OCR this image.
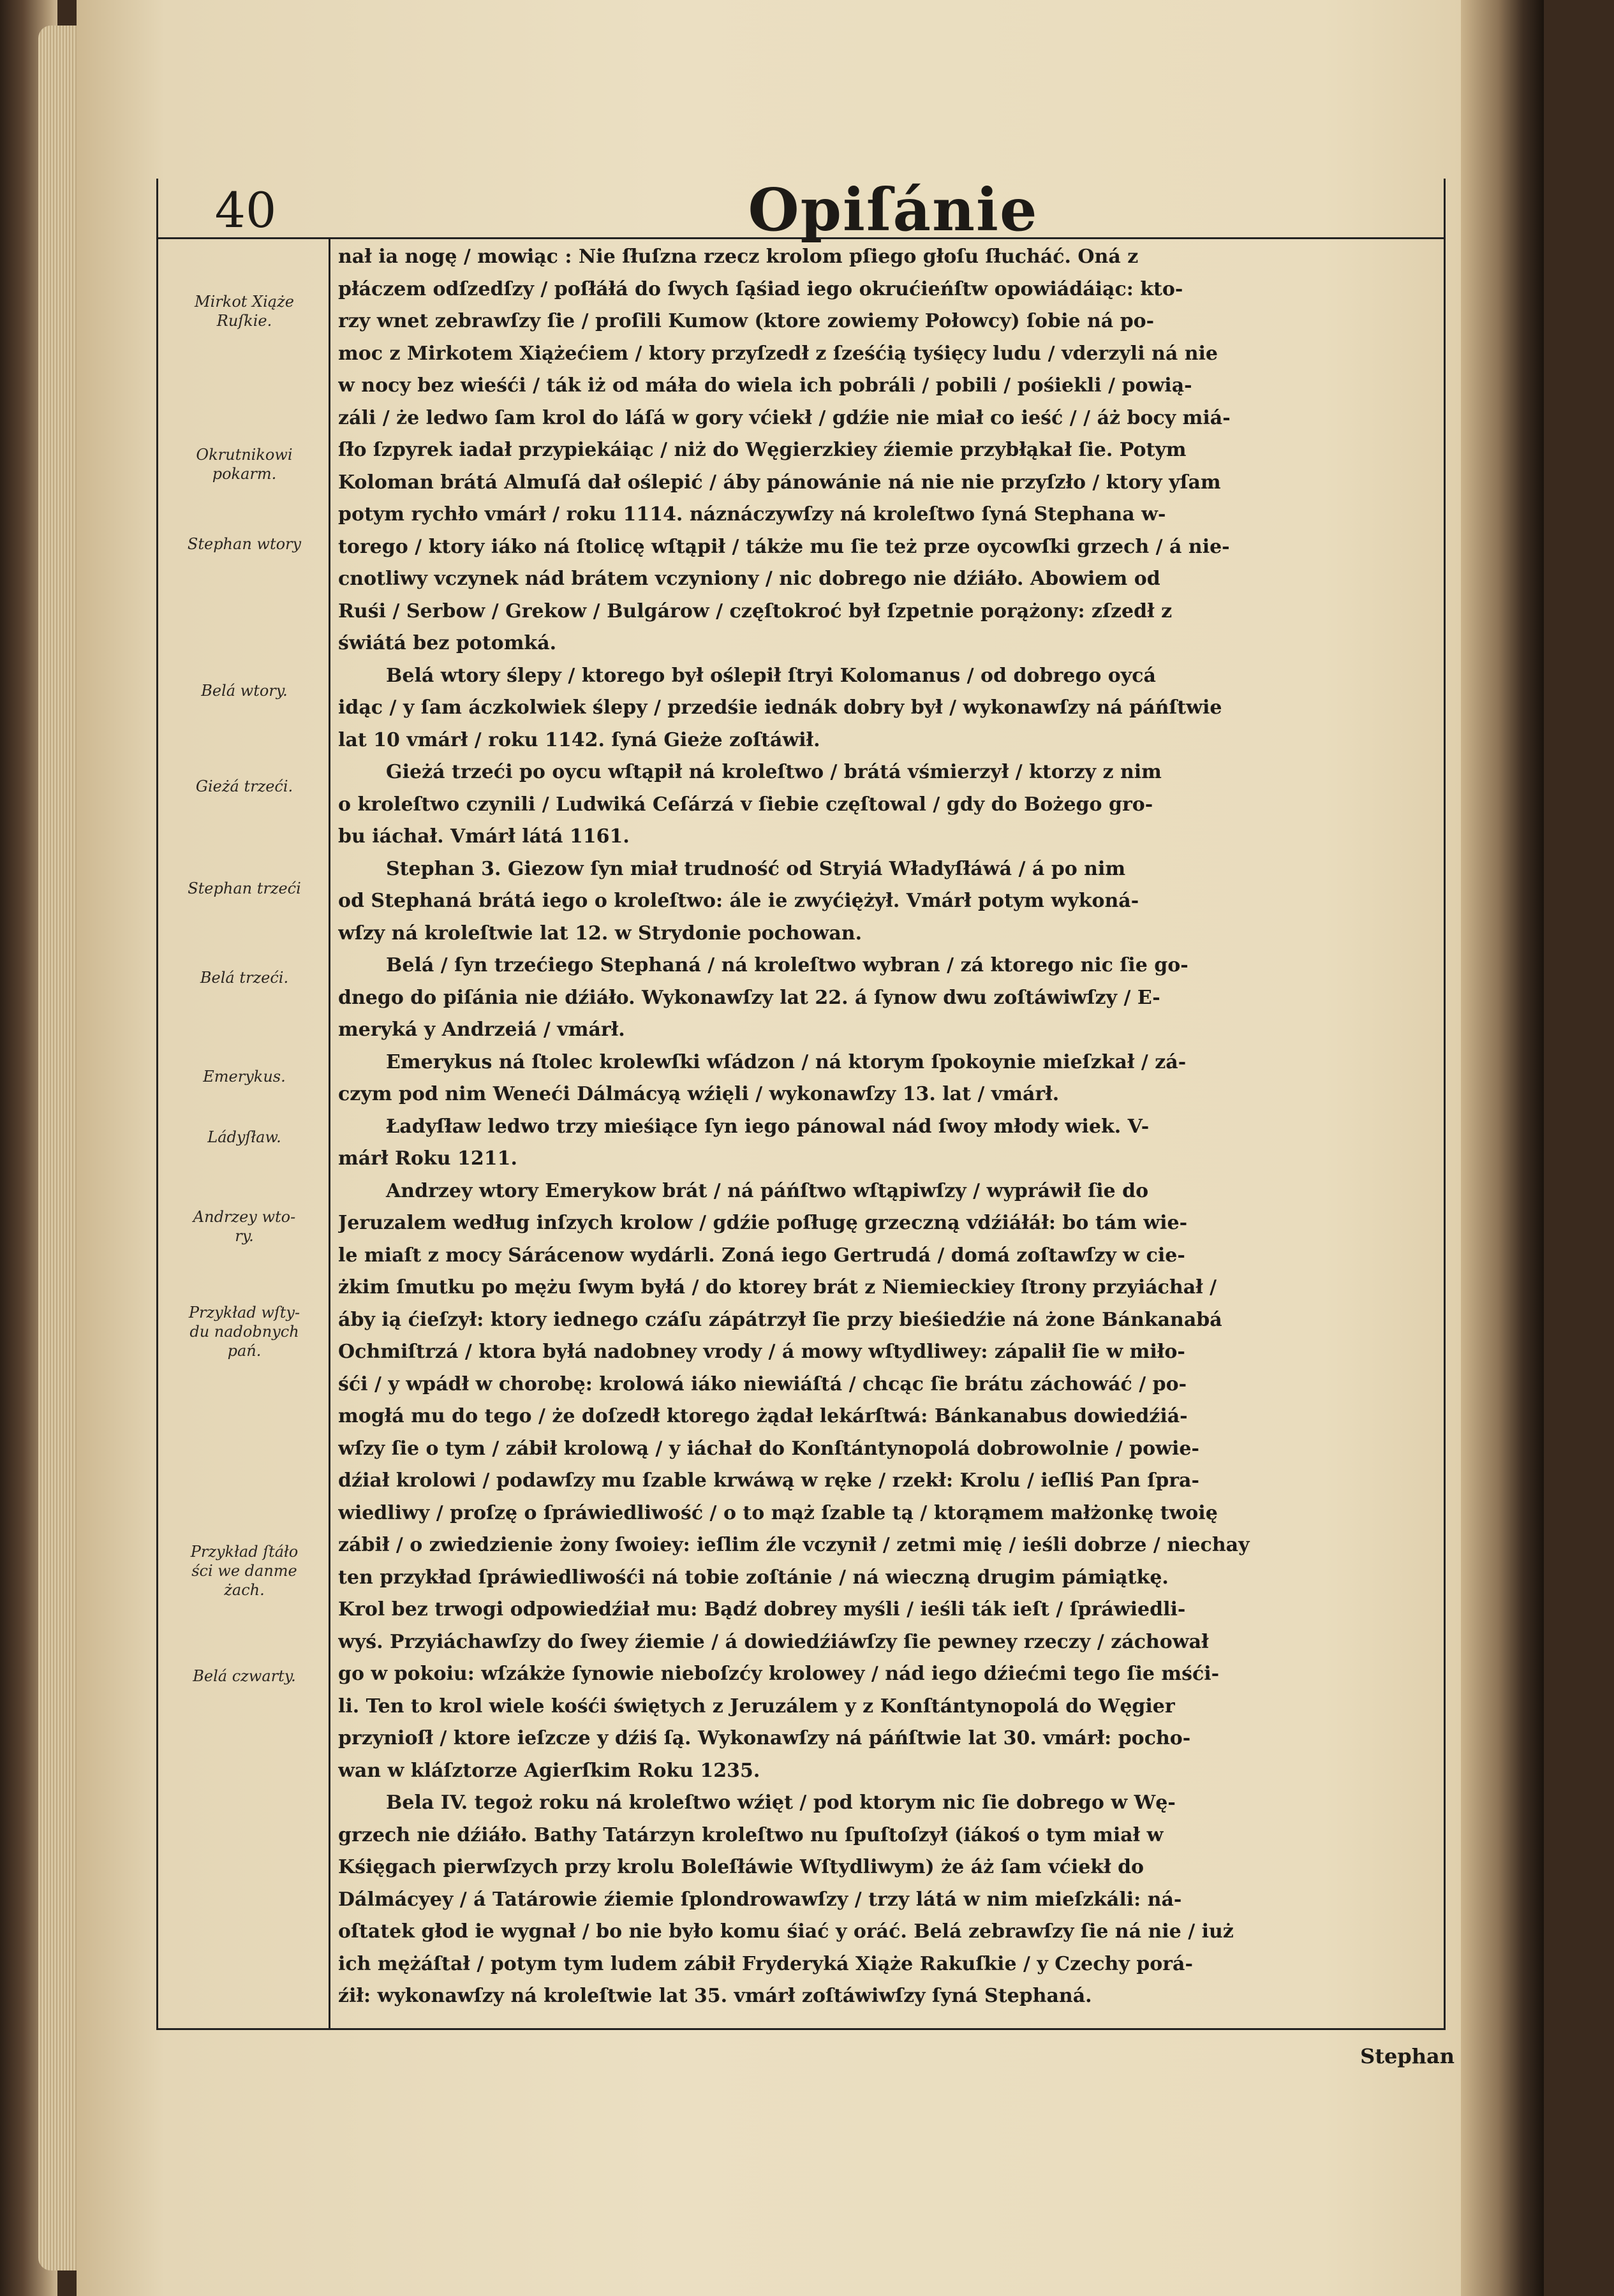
40	Opiſánie
Mirkot Xiąże
Ruſkie.
Okrutnikowi
pokarm.
Stephan wtory
Belá wtory.
Gieżá trzeći.
Stephan trzeći
Belá trzeći.
Emerykus.
Ládyſław.
Andrzey wto-
ry.
Przykład wſty-
du nadobnych
pań.
Przykład ſtáło
ści we danme
żach.
Belá czwarty.
nał ia nogę / mowiąc : Nie ſłuſzna rzecz krolom pſiego głoſu ſłucháć. Oná z
płáczem odſzedſzy / poſłáłá do ſwych ſąśiad iego okrućieńſtw opowiádáiąc: kto-
rzy wnet zebrawſzy ſie / proſili Kumow (ktore zowiemy Połowcy) ſobie ná po-
moc z Mirkotem Xiążećiem / ktory przyſzedł z ſześćią tyśięcy ludu / vderzyli ná nie
w nocy bez wieśći / ták iż od máła do wiela ich pobráli / pobili / pośiekli / powią-
záli / że ledwo ſam krol do láſá w gory vćiekł / gdźie nie miał co ieść / / áż bocy miá-
ſło ſzpyrek iadał przypiekáiąc / niż do Węgierzkiey źiemie przybłąkał ſie. Potym
Koloman brátá Almuſá dał oślepić / áby pánowánie ná nie nie przyſzło / ktory yſam
potym rychło vmárł / roku 1114. náznáczywſzy ná kroleſtwo ſyná Stephana w-
torego / ktory iáko ná ſtolicę wſtąpił / tákże mu ſie też prze oycowſki grzech / á nie-
cnotliwy vczynek nád brátem vczyniony / nic dobrego nie dźiáło. Abowiem od
Ruśi / Serbow / Grekow / Bulgárow / częſtokroć był ſzpetnie porążony: zſzedł z
świátá bez potomká.
Belá wtory ślepy / ktorego był oślepił ſtryi Kolomanus / od dobrego oycá
idąc / y ſam áczkolwiek ślepy / przedśie iednák dobry był / wykonawſzy ná páńſtwie
lat 10 vmárł / roku 1142. ſyná Gieże zoſtáwił.
Gieżá trzeći po oycu wſtąpił ná kroleſtwo / brátá vśmierzył / ktorzy z nim
o kroleſtwo czynili / Ludwiká Ceſárzá v ſiebie częſtowal / gdy do Bożego gro-
bu iáchał. Vmárł látá 1161.
Stephan 3. Giezow ſyn miał trudność od Stryiá Władyſłáwá / á po nim
od Stephaná brátá iego o kroleſtwo: ále ie zwyćiężył. Vmárł potym wykoná-
wſzy ná kroleſtwie lat 12. w Strydonie pochowan.
Belá / ſyn trzećiego Stephaná / ná kroleſtwo wybran / zá ktorego nic ſie go-
dnego do piſánia nie dźiáło. Wykonawſzy lat 22. á ſynow dwu zoſtáwiwſzy / E-
meryká y Andrzeiá / vmárł.
Emerykus ná ſtolec krolewſki wſádzon / ná ktorym ſpokoynie mieſzkał / zá-
czym pod nim Weneći Dálmácyą wźięli / wykonawſzy 13. lat / vmárł.
Ładyſław ledwo trzy mieśiące ſyn iego pánowal nád ſwoy młody wiek. V-
márł Roku 1211.
Andrzey wtory Emerykow brát / ná páńſtwo wſtąpiwſzy / wypráwił ſie do
Jeruzalem według inſzych krolow / gdźie poſługę grzeczną vdźiáłáł: bo tám wie-
le miaſt z mocy Sárácenow wydárli. Zoná iego Gertrudá / domá zoſtawſzy w cie-
żkim ſmutku po mężu ſwym byłá / do ktorey brát z Niemieckiey ſtrony przyiáchał /
áby ią ćieſzył: ktory iednego czáſu zápátrzył ſie przy bieśiedźie ná żone Bánkanabá
Ochmiſtrzá / ktora byłá nadobney vrody / á mowy wſtydliwey: zápalił ſie w miło-
śći / y wpádł w chorobę: krolowá iáko niewiáſtá / chcąc ſie brátu záchowáć / po-
mogłá mu do tego / że doſzedł ktorego żądał lekárſtwá: Bánkanabus dowiedźiá-
wſzy ſie o tym / zábił krolową / y iáchał do Konſtántynopolá dobrowolnie / powie-
dźiał krolowi / podawſzy mu ſzable krwáwą w ręke / rzekł: Krolu / ieſliś Pan ſpra-
wiedliwy / proſzę o ſpráwiedliwość / o to mąż ſzable tą / ktorąmem małżonkę twoię
zábił / o zwiedzienie żony ſwoiey: ieſlim źle vczynił / zetmi mię / ieśli dobrze / niechay
ten przykład ſpráwiedliwośći ná tobie zoſtánie / ná wieczną drugim pámiątkę.
Krol bez trwogi odpowiedźiał mu: Bądź dobrey myśli / ieśli ták ieſt / ſpráwiedli-
wyś. Przyiáchawſzy do ſwey źiemie / á dowiedźiáwſzy ſie pewney rzeczy / záchował
go w pokoiu: wſzákże ſynowie nieboſzćy krolowey / nád iego dźiećmi tego ſie mśći-
li. Ten to krol wiele kośći świętych z Jeruzálem y z Konſtántynopolá do Węgier
przynioſł / ktore ieſzcze y dźiś ſą. Wykonawſzy ná páńſtwie lat 30. vmárł: pocho-
wan w kláſztorze Agierſkim Roku 1235.
Bela IV. tegoż roku ná kroleſtwo wźięt / pod ktorym nic ſie dobrego w Wę-
grzech nie dźiáło. Bathy Tatárzyn kroleſtwo nu ſpuſtoſzył (iákoś o tym miał w
Kśięgach pierwſzych przy krolu Boleſłáwie Wſtydliwym) że áż ſam vćiekł do
Dálmácyey / á Tatárowie źiemie ſplondrowawſzy / trzy látá w nim mieſzkáli: ná-
oſtatek głod ie wygnał / bo nie było komu śiać y oráć. Belá zebrawſzy ſie ná nie / iuż
ich mężáſtał / potym tym ludem zábił Fryderyká Xiąże Rakuſkie / y Czechy porá-
źił: wykonawſzy ná kroleſtwie lat 35. vmárł zoſtáwiwſzy ſyná Stephaná.
Stephan
